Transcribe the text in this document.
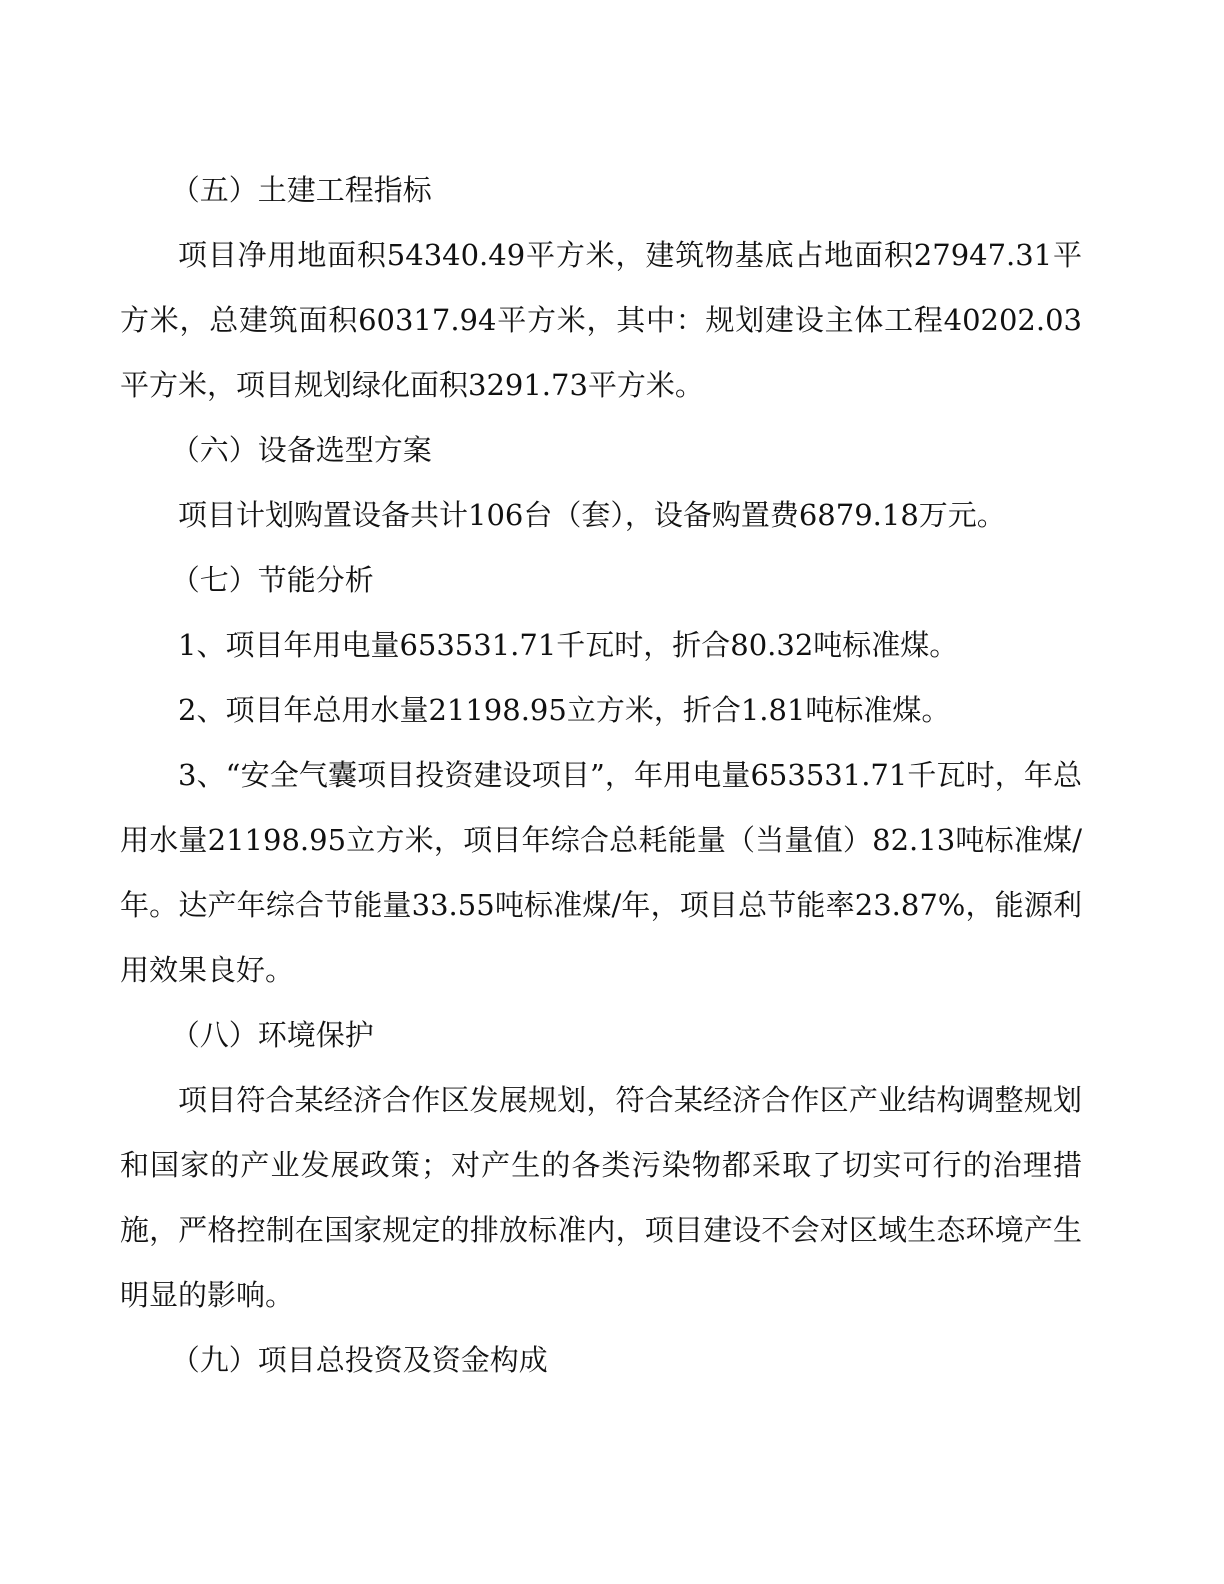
（五）土建工程指标

项目净用地面积54340.49平方米，建筑物基底占地面积27947.31平方米，总建筑面积60317.94平方米，其中：规划建设主体工程40202.03平方米，项目规划绿化面积3291.73平方米。

（六）设备选型方案

项目计划购置设备共计106台（套），设备购置费6879.18万元。

（七）节能分析

1、项目年用电量653531.71千瓦时，折合80.32吨标准煤。

2、项目年总用水量21198.95立方米，折合1.81吨标准煤。

3、“安全气囊项目投资建设项目”，年用电量653531.71千瓦时，年总用水量21198.95立方米，项目年综合总耗能量（当量值）82.13吨标准煤/年。达产年综合节能量33.55吨标准煤/年，项目总节能率23.87%，能源利用效果良好。

（八）环境保护

项目符合某经济合作区发展规划，符合某经济合作区产业结构调整规划和国家的产业发展政策；对产生的各类污染物都采取了切实可行的治理措施，严格控制在国家规定的排放标准内，项目建设不会对区域生态环境产生明显的影响。

（九）项目总投资及资金构成
